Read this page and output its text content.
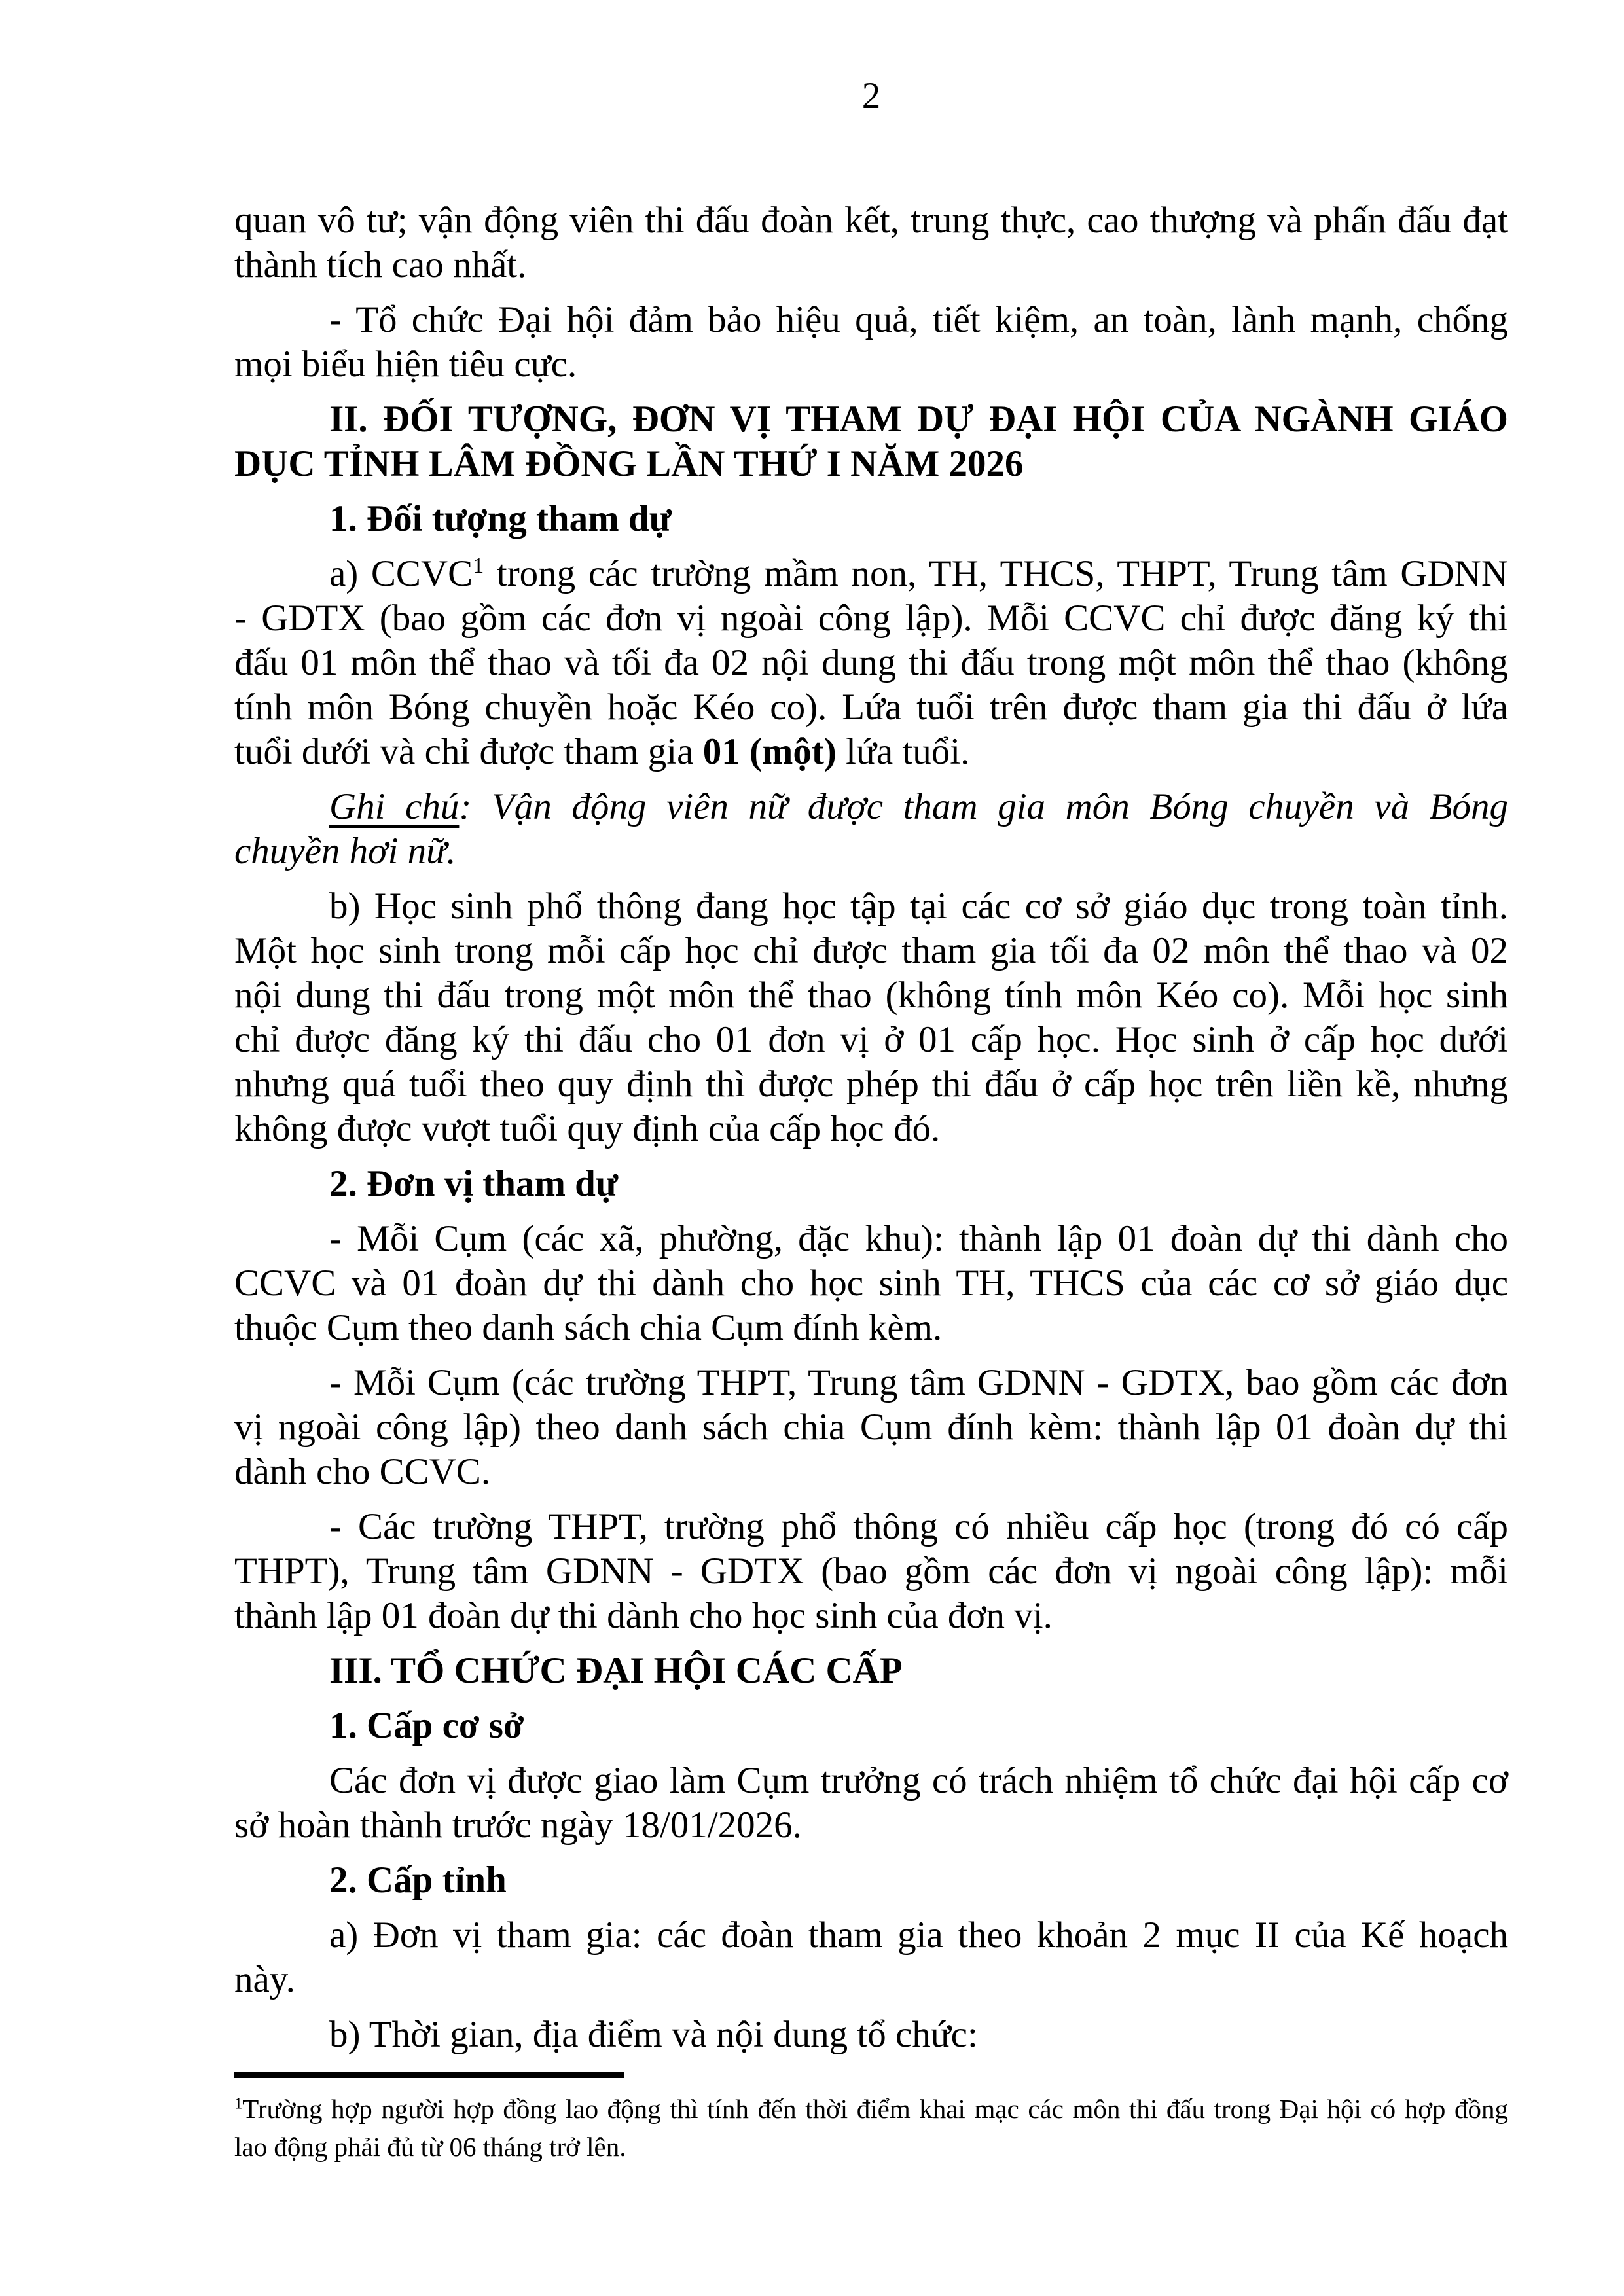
2
quan vô tư; vận động viên thi đấu đoàn kết, trung thực, cao thượng và phấn đấu đạt
thành tích cao nhất.
- Tổ chức Đại hội đảm bảo hiệu quả, tiết kiệm, an toàn, lành mạnh, chống
mọi biểu hiện tiêu cực.
II. ĐỐI TƯỢNG, ĐƠN VỊ THAM DỰ ĐẠI HỘI CỦA NGÀNH GIÁO
DỤC TỈNH LÂM ĐỒNG LẦN THỨ I NĂM 2026
1. Đối tượng tham dự
a) CCVC$^1$ trong các trường mầm non, TH, THCS, THPT, Trung tâm GDNN
- GDTX (bao gồm các đơn vị ngoài công lập). Mỗi CCVC chỉ được đăng ký thi
đấu 01 môn thể thao và tối đa 02 nội dung thi đấu trong một môn thể thao (không
tính môn Bóng chuyền hoặc Kéo co). Lứa tuổi trên được tham gia thi đấu ở lứa
tuổi dưới và chỉ được tham gia 01 (một) lứa tuổi.
Ghi chú: Vận động viên nữ được tham gia môn Bóng chuyền và Bóng
chuyền hơi nữ.
b) Học sinh phổ thông đang học tập tại các cơ sở giáo dục trong toàn tỉnh.
Một học sinh trong mỗi cấp học chỉ được tham gia tối đa 02 môn thể thao và 02
nội dung thi đấu trong một môn thể thao (không tính môn Kéo co). Mỗi học sinh
chỉ được đăng ký thi đấu cho 01 đơn vị ở 01 cấp học. Học sinh ở cấp học dưới
nhưng quá tuổi theo quy định thì được phép thi đấu ở cấp học trên liền kề, nhưng
không được vượt tuổi quy định của cấp học đó.
2. Đơn vị tham dự
- Mỗi Cụm (các xã, phường, đặc khu): thành lập 01 đoàn dự thi dành cho
CCVC và 01 đoàn dự thi dành cho học sinh TH, THCS của các cơ sở giáo dục
thuộc Cụm theo danh sách chia Cụm đính kèm.
- Mỗi Cụm (các trường THPT, Trung tâm GDNN - GDTX, bao gồm các đơn
vị ngoài công lập) theo danh sách chia Cụm đính kèm: thành lập 01 đoàn dự thi
dành cho CCVC.
- Các trường THPT, trường phổ thông có nhiều cấp học (trong đó có cấp
THPT), Trung tâm GDNN - GDTX (bao gồm các đơn vị ngoài công lập): mỗi
thành lập 01 đoàn dự thi dành cho học sinh của đơn vị.
III. TỔ CHỨC ĐẠI HỘI CÁC CẤP
1. Cấp cơ sở
Các đơn vị được giao làm Cụm trưởng có trách nhiệm tổ chức đại hội cấp cơ
sở hoàn thành trước ngày 18/01/2026.
2. Cấp tỉnh
a) Đơn vị tham gia: các đoàn tham gia theo khoản 2 mục II của Kế hoạch
này.
b) Thời gian, địa điểm và nội dung tổ chức:
$^1$Trường hợp người hợp đồng lao động thì tính đến thời điểm khai mạc các môn thi đấu trong Đại hội có hợp đồng
lao động phải đủ từ 06 tháng trở lên.
